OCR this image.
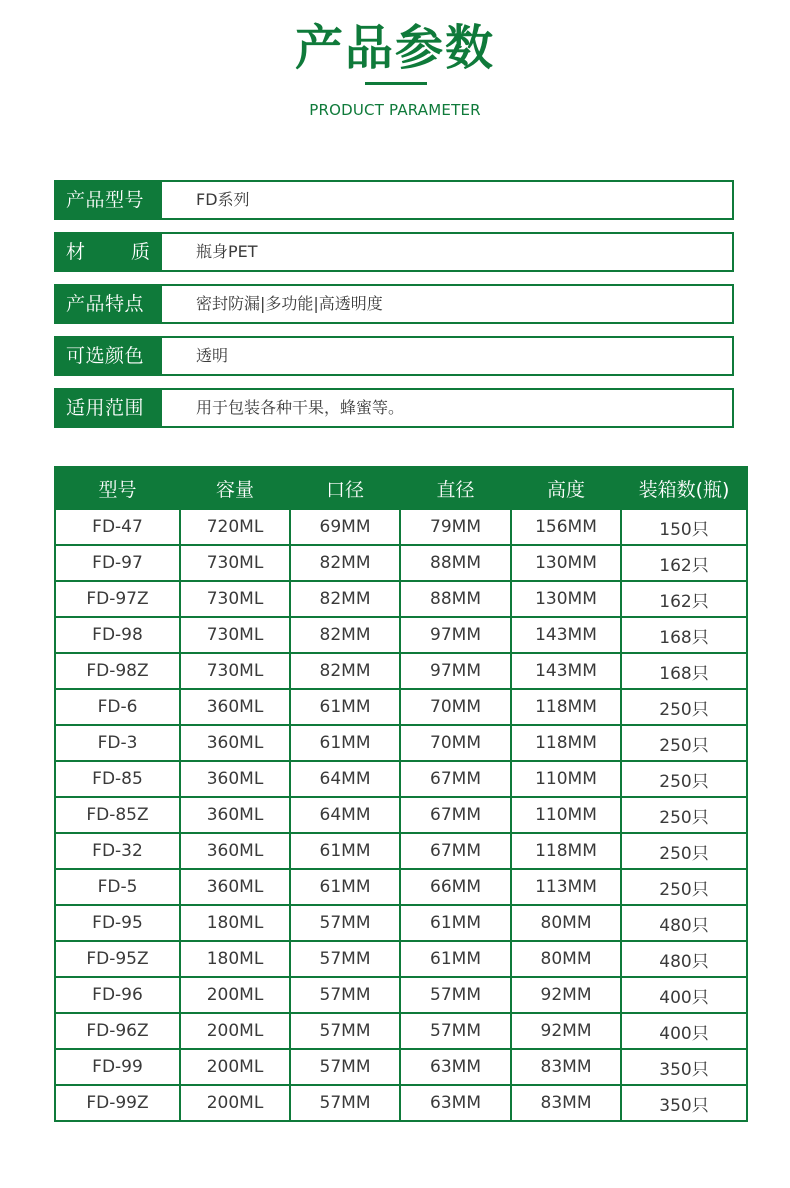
产品参数
PRODUCT PARAMETER
产品型号	FD系列
材 质	瓶身PET
产品特点	密封防漏|多功能|高透明度
可选颜色	透明
适用范围	用于包装各种干果，蜂蜜等。
型号	容量	口径	直径	高度	装箱数(瓶)
FD-47	720ML	69MM	79MM	156MM	150只
FD-97	730ML	82MM	88MM	130MM	162只
FD-97Z	730ML	82MM	88MM	130MM	162只
FD-98	730ML	82MM	97MM	143MM	168只
FD-98Z	730ML	82MM	97MM	143MM	168只
FD-6	360ML	61MM	70MM	118MM	250只
FD-3	360ML	61MM	70MM	118MM	250只
FD-85	360ML	64MM	67MM	110MM	250只
FD-85Z	360ML	64MM	67MM	110MM	250只
FD-32	360ML	61MM	67MM	118MM	250只
FD-5	360ML	61MM	66MM	113MM	250只
FD-95	180ML	57MM	61MM	80MM	480只
FD-95Z	180ML	57MM	61MM	80MM	480只
FD-96	200ML	57MM	57MM	92MM	400只
FD-96Z	200ML	57MM	57MM	92MM	400只
FD-99	200ML	57MM	63MM	83MM	350只
FD-99Z	200ML	57MM	63MM	83MM	350只
